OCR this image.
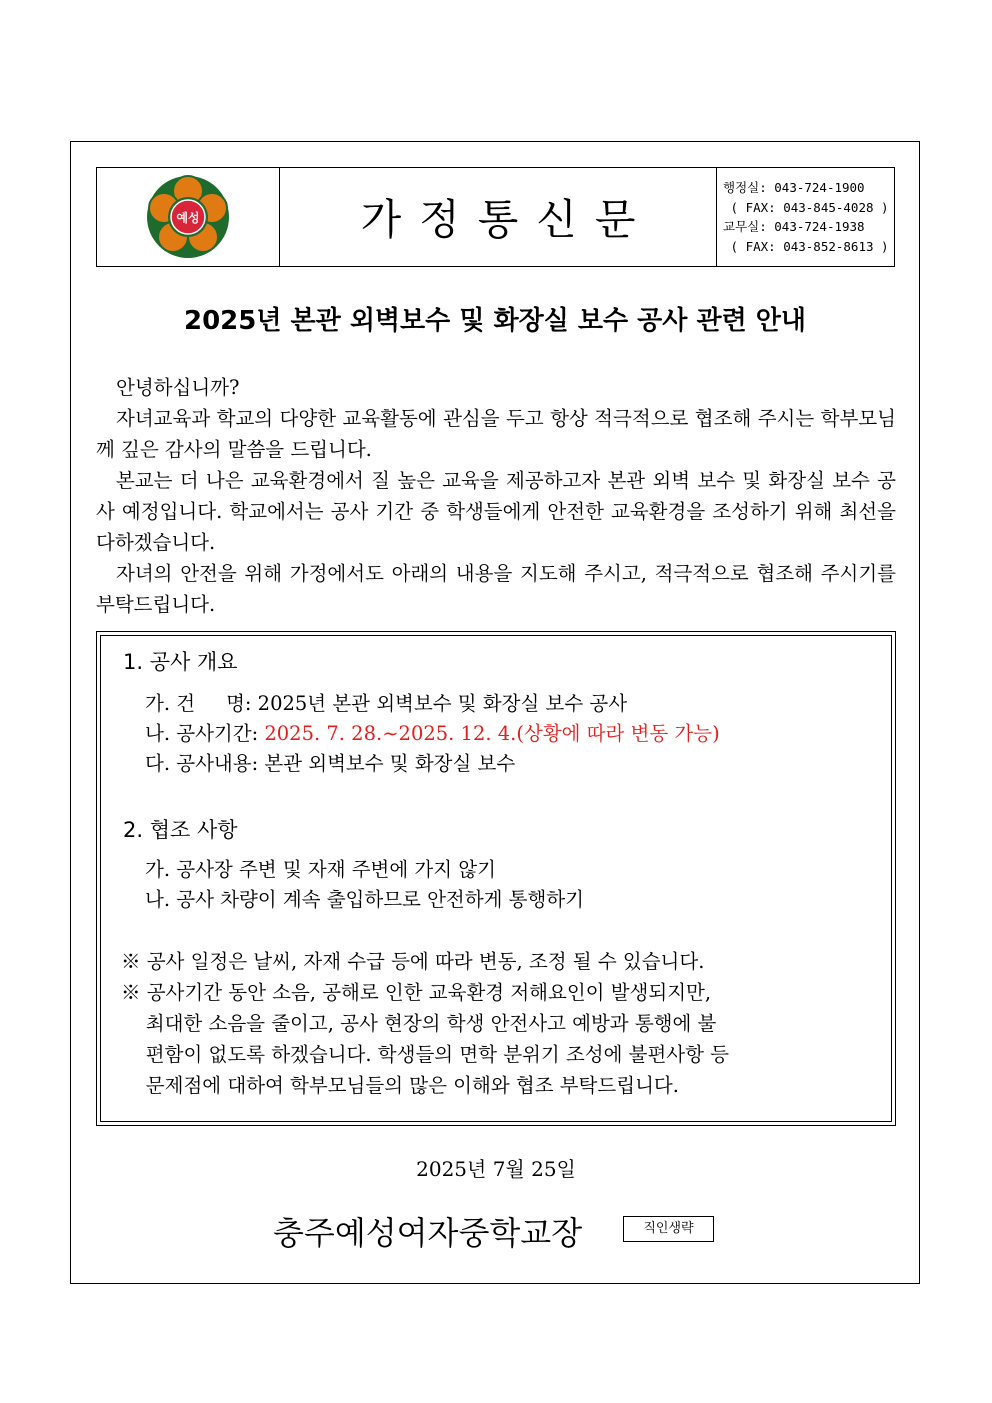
예성	가정통신문
행정실: 043-724-1900
( FAX: 043-845-4028 )
교무실: 043-724-1938
( FAX: 043-852-8613 )
2025년 본관 외벽보수 및 화장실 보수 공사 관련 안내

안녕하십니까?

자녀교육과 학교의 다양한 교육활동에 관심을 두고 항상 적극적으로 협조해 주시는 학부모님께 깊은 감사의 말씀을 드립니다.

본교는 더 나은 교육환경에서 질 높은 교육을 제공하고자 본관 외벽 보수 및 화장실 보수 공사 예정입니다. 학교에서는 공사 기간 중 학생들에게 안전한 교육환경을 조성하기 위해 최선을 다하겠습니다.

자녀의 안전을 위해 가정에서도 아래의 내용을 지도해 주시고, 적극적으로 협조해 주시기를 부탁드립니다.

1. 공사 개요
가. 건     명: 2025년 본관 외벽보수 및 화장실 보수 공사
나. 공사기간: 2025. 7. 28.∼2025. 12. 4.(상황에 따라 변동 가능)
다. 공사내용: 본관 외벽보수 및 화장실 보수
2. 협조 사항
가. 공사장 주변 및 자재 주변에 가지 않기
나. 공사 차량이 계속 출입하므로 안전하게 통행하기
※ 공사 일정은 날씨, 자재 수급 등에 따라 변동, 조정 될 수 있습니다.
※ 공사기간 동안 소음, 공해로 인한 교육환경 저해요인이 발생되지만,
최대한 소음을 줄이고, 공사 현장의 학생 안전사고 예방과 통행에 불
편함이 없도록 하겠습니다. 학생들의 면학 분위기 조성에 불편사항 등
문제점에 대하여 학부모님들의 많은 이해와 협조 부탁드립니다.
2025년 7월 25일
충주예성여자중학교장	직인생략
